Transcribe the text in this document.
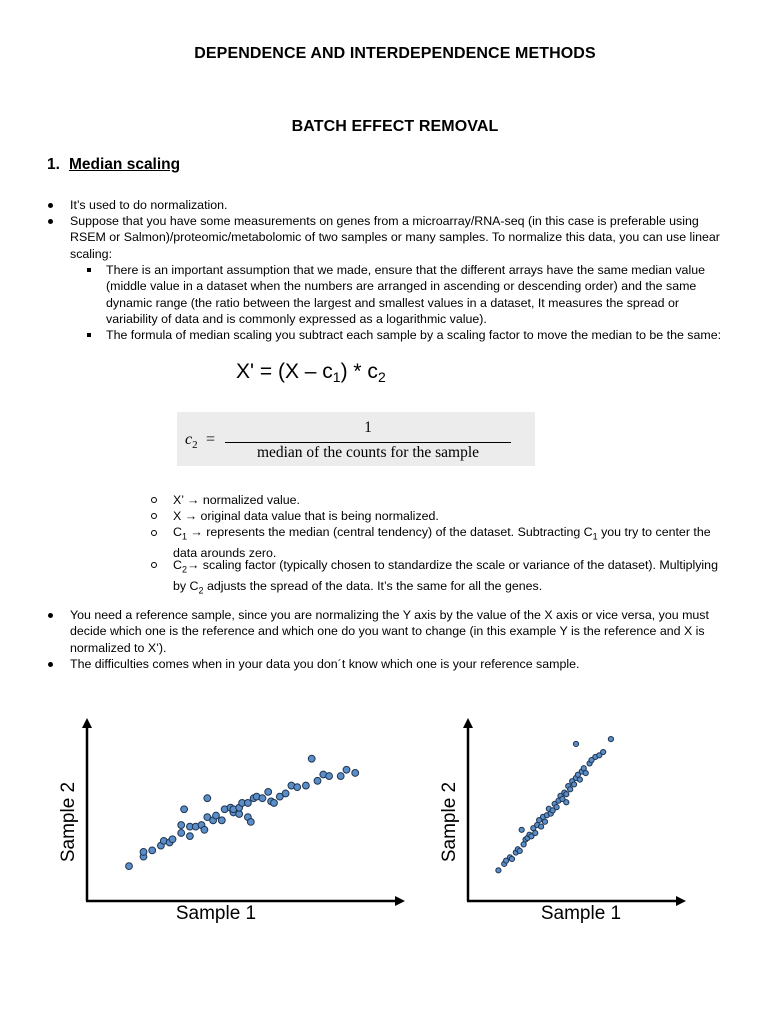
DEPENDENCE AND INTERDEPENDENCE METHODS
BATCH EFFECT REMOVAL
1. Median scaling
It’s used to do normalization.
Suppose that you have some measurements on genes from a microarray/RNA-seq (in this case is preferable using RSEM or Salmon)/proteomic/metabolomic of two samples or many samples. To normalize this data, you can use linear scaling:
There is an important assumption that we made, ensure that the different arrays have the same median value (middle value in a dataset when the numbers are arranged in ascending or descending order) and the same dynamic range (the ratio between the largest and smallest values in a dataset, It measures the spread or variability of data and is commonly expressed as a logarithmic value).
The formula of median scaling you subtract each sample by a scaling factor to move the median to be the same:
$X' = (X - c_1) * c_2$
$c_2$ =
1
median of the counts for the sample
X’ → normalized value.
X → original data value that is being normalized.
$C_1$ → represents the median (central tendency) of the dataset. Subtracting $C_1$ you try to center the data arounds zero.
$C_2\to$ scaling factor (typically chosen to standardize the scale or variance of the dataset). Multiplying by $C_2$ adjusts the spread of the data. It’s the same for all the genes.
You need a reference sample, since you are normalizing the Y axis by the value of the X axis or vice versa, you must decide which one is the reference and which one do you want to change (in this example Y is the reference and X is normalized to X’).
The difficulties comes when in your data you don´t know which one is your reference sample.
Sample 1
Sample 2
Sample 1
Sample 2
